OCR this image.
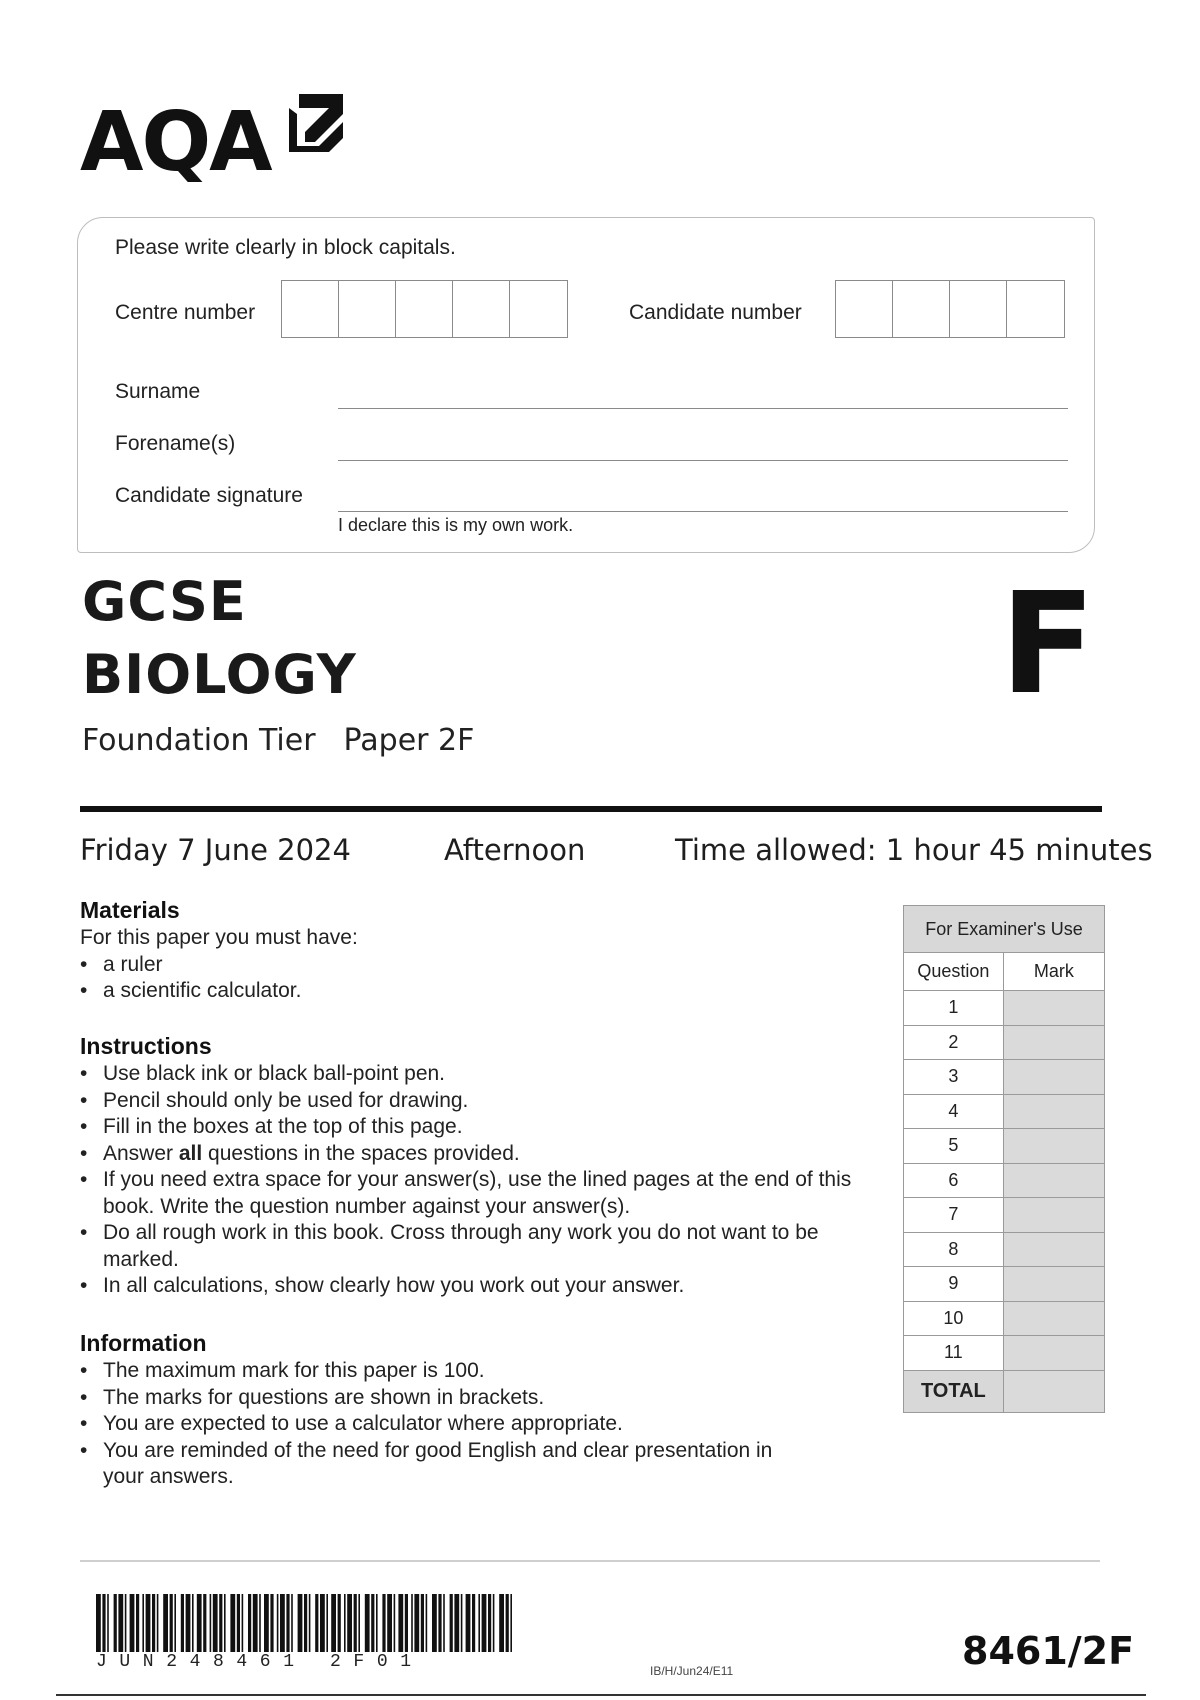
AQA
Please write clearly in block capitals.
Centre number	Candidate number
Surname
Forename(s)
Candidate signature
I declare this is my own work.
GCSE
BIOLOGY
Foundation Tier Paper 2F
F
Friday 7 June 2024	Afternoon	Time allowed: 1 hour 45 minutes
Materials

For this paper you must have:

• a ruler
• a scientific calculator.
Instructions
• Use black ink or black ball-point pen.
• Pencil should only be used for drawing.
• Fill in the boxes at the top of this page.
• Answer all questions in the spaces provided.
• If you need extra space for your answer(s), use the lined pages at the end of this book. Write the question number against your answer(s).
• Do all rough work in this book. Cross through any work you do not want to be marked.
• In all calculations, show clearly how you work out your answer.
Information
• The maximum mark for this paper is 100.
• The marks for questions are shown in brackets.
• You are expected to use a calculator where appropriate.
• You are reminded of the need for good English and clear presentation in your answers.
For Examiner's Use	
Question	Mark
1	
2	
3	
4	
5	
6	
7	
8	
9	
10	
11	
TOTAL	
JUN248461 2F01	IB/H/Jun24/E11	8461/2F
